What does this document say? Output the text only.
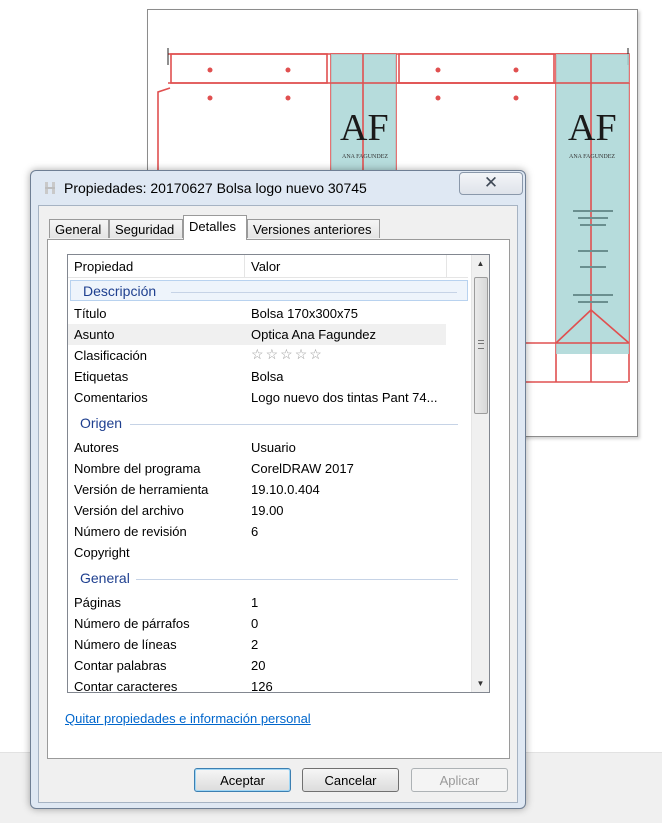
AF	AF
ANA FAGUNDEZ	ANA FAGUNDEZ
Propiedades: 20170627 Bolsa logo nuevo 30745	✕
General	Seguridad	Detalles	Versiones anteriores
Propiedad	Valor
Descripción
Título	Bolsa 170x300x75
Asunto	Optica Ana Fagundez
Clasificación	☆☆☆☆☆
Etiquetas	Bolsa
Comentarios	Logo nuevo dos tintas Pant 74...
Origen
Autores	Usuario
Nombre del programa	CorelDRAW 2017
Versión de herramienta	19.10.0.404
Versión del archivo	19.00
Número de revisión	6
Copyright
General
Páginas	1
Número de párrafos	0
Número de líneas	2
Contar palabras	20
Contar caracteres	126
▲
▼
Quitar propiedades e información personal
Aceptar	Cancelar	Aplicar
